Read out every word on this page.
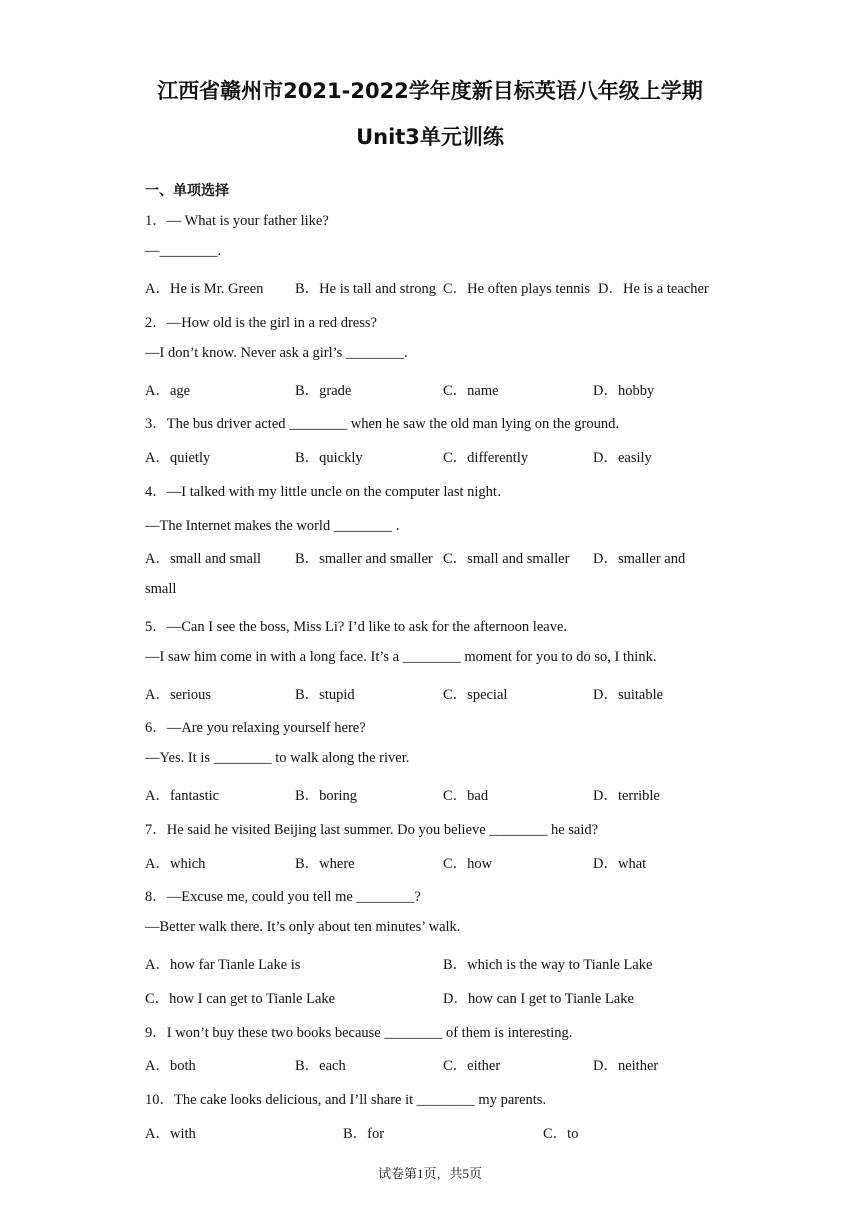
江西省赣州市2021-2022学年度新目标英语八年级上学期
Unit3单元训练
一、单项选择
1．— What is your father like?
—________.
A．He is Mr. Green B．He is tall and strong C．He often plays tennis D．He is a teacher
2．—How old is the girl in a red dress?
—I don’t know. Never ask a girl’s ________.
A．age	B．grade	C．name	D．hobby
3．The bus driver acted ________ when he saw the old man lying on the ground.
A．quietly	B．quickly	C．differently	D．easily
4．—I talked with my little uncle on the computer last night．
—The Internet makes the world ________ ．
A．small and small B．smaller and smaller C．small and smaller D．smaller and
small
5．—Can I see the boss, Miss Li? I’d like to ask for the afternoon leave.
—I saw him come in with a long face. It’s a ________ moment for you to do so, I think.
A．serious	B．stupid	C．special	D．suitable
6．—Are you relaxing yourself here?
—Yes. It is ________ to walk along the river.
A．fantastic	B．boring	C．bad	D．terrible
7．He said he visited Beijing last summer. Do you believe ________ he said?
A．which	B．where	C．how	D．what
8．—Excuse me, could you tell me ________?
—Better walk there. It’s only about ten minutes’ walk.
A．how far Tianle Lake is	B．which is the way to Tianle Lake
C．how I can get to Tianle Lake	D．how can I get to Tianle Lake
9．I won’t buy these two books because ________ of them is interesting.
A．both	B．each	C．either	D．neither
10．The cake looks delicious, and I’ll share it ________ my parents.
A．with	B．for	C．to
试卷第1页，共5页
